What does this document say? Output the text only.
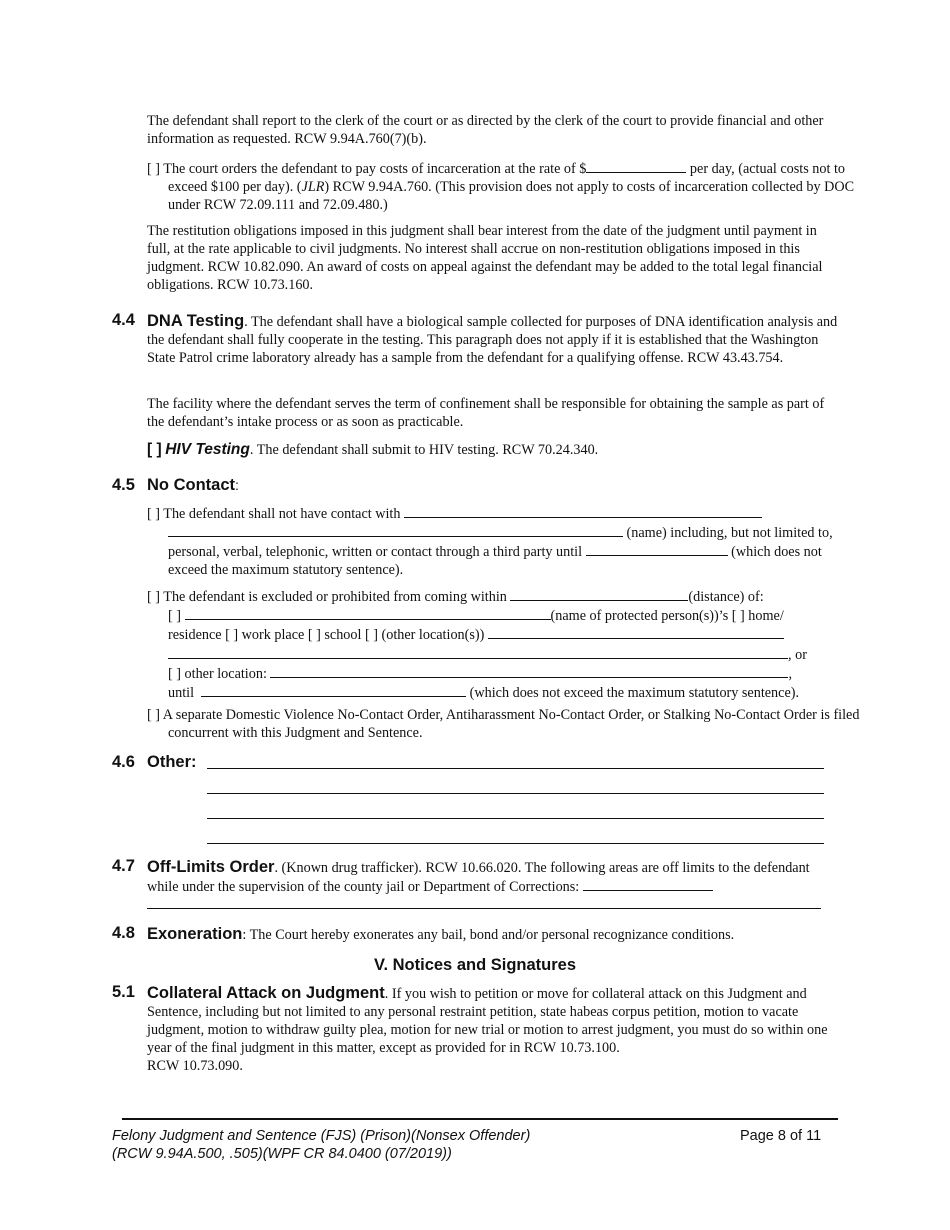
The defendant shall report to the clerk of the court or as directed by the clerk of the court to provide financial and other information as requested. RCW 9.94A.760(7)(b).
[ ] The court orders the defendant to pay costs of incarceration at the rate of $	per day, (actual costs not to exceed $100 per day). (JLR) RCW 9.94A.760. (This provision does not apply to costs of incarceration collected by DOC under RCW 72.09.111 and 72.09.480.)
The restitution obligations imposed in this judgment shall bear interest from the date of the judgment until payment in full, at the rate applicable to civil judgments. No interest shall accrue on non-restitution obligations imposed in this judgment. RCW 10.82.090. An award of costs on appeal against the defendant may be added to the total legal financial obligations. RCW 10.73.160.
4.4 DNA Testing. The defendant shall have a biological sample collected for purposes of DNA identification analysis and the defendant shall fully cooperate in the testing. This paragraph does not apply if it is established that the Washington State Patrol crime laboratory already has a sample from the defendant for a qualifying offense. RCW 43.43.754.
The facility where the defendant serves the term of confinement shall be responsible for obtaining the sample as part of the defendant’s intake process or as soon as practicable.
[ ] HIV Testing. The defendant shall submit to HIV testing. RCW 70.24.340.
4.5 No Contact:
[ ] The defendant shall not have contact with
(name) including, but not limited to, personal, verbal, telephonic, written or contact through a third party until	(which does not exceed the maximum statutory sentence).
[ ] The defendant is excluded or prohibited from coming within	(distance) of:
[ ]	(name of protected person(s))’s [ ] home/
residence [ ] work place [ ] school [ ] (other location(s))
, or
[ ] other location:	,
until	(which does not exceed the maximum statutory sentence).
[ ] A separate Domestic Violence No-Contact Order, Antiharassment No-Contact Order, or Stalking No-Contact Order is filed concurrent with this Judgment and Sentence.
4.6 Other:
4.7 Off-Limits Order. (Known drug trafficker). RCW 10.66.020. The following areas are off limits to the defendant while under the supervision of the county jail or Department of Corrections:
4.8 Exoneration: The Court hereby exonerates any bail, bond and/or personal recognizance conditions.
V. Notices and Signatures
5.1 Collateral Attack on Judgment. If you wish to petition or move for collateral attack on this Judgment and Sentence, including but not limited to any personal restraint petition, state habeas corpus petition, motion to vacate judgment, motion to withdraw guilty plea, motion for new trial or motion to arrest judgment, you must do so within one year of the final judgment in this matter, except as provided for in RCW 10.73.100.
RCW 10.73.090.
Felony Judgment and Sentence (FJS) (Prison)(Nonsex Offender)
(RCW 9.94A.500, .505)(WPF CR 84.0400 (07/2019))
Page 8 of 11
